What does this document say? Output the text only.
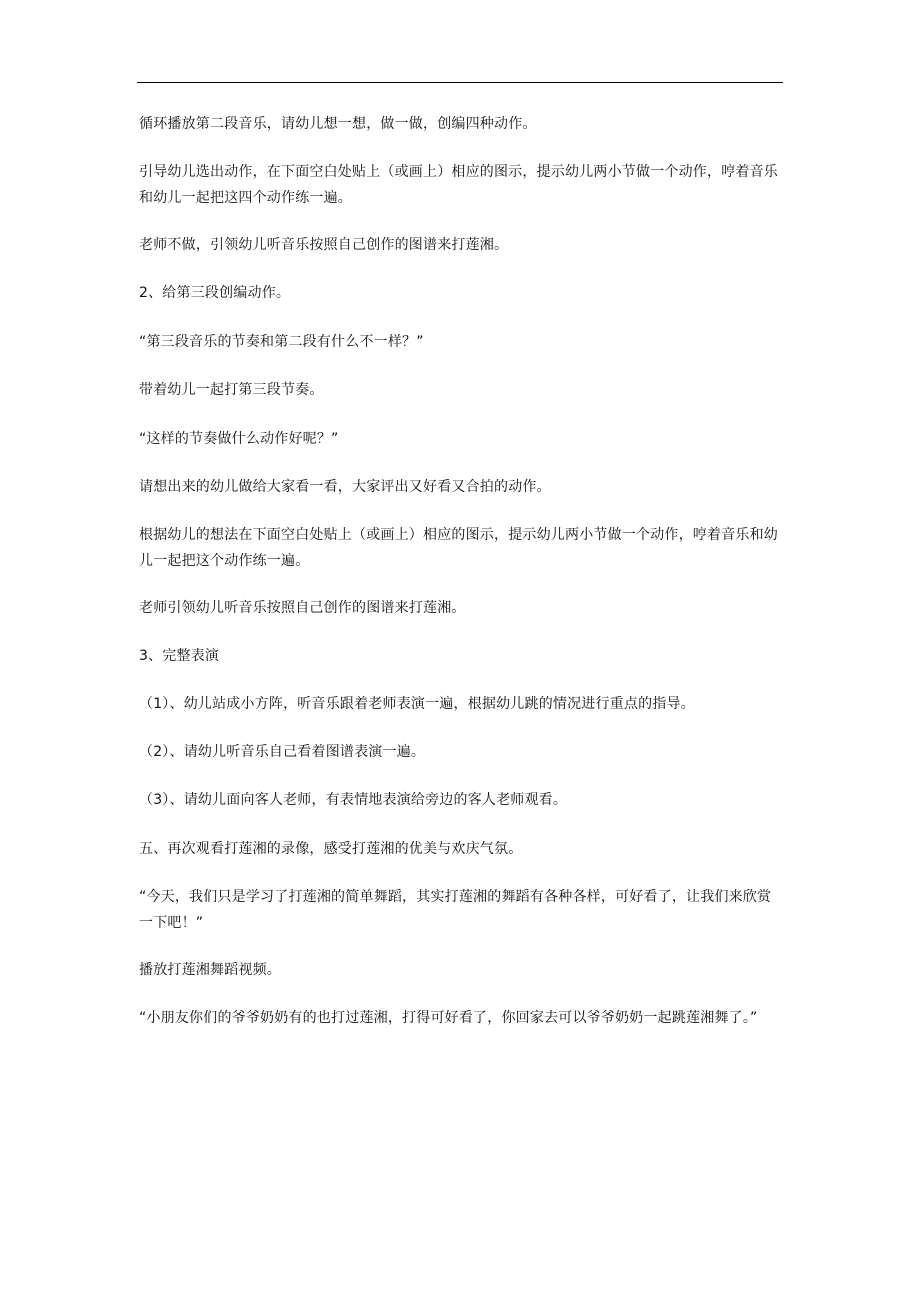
循环播放第二段音乐，请幼儿想一想，做一做，创编四种动作。

引导幼儿选出动作，在下面空白处贴上（或画上）相应的图示，提示幼儿两小节做一个动作，哼着音乐和幼儿一起把这四个动作练一遍。

老师不做，引领幼儿听音乐按照自己创作的图谱来打莲湘。

2、给第三段创编动作。

“第三段音乐的节奏和第二段有什么不一样？”

带着幼儿一起打第三段节奏。

“这样的节奏做什么动作好呢？”

请想出来的幼儿做给大家看一看，大家评出又好看又合拍的动作。

根据幼儿的想法在下面空白处贴上（或画上）相应的图示，提示幼儿两小节做一个动作，哼着音乐和幼儿一起把这个动作练一遍。

老师引领幼儿听音乐按照自己创作的图谱来打莲湘。

3、完整表演

（1）、幼儿站成小方阵，听音乐跟着老师表演一遍，根据幼儿跳的情况进行重点的指导。

（2）、请幼儿听音乐自己看着图谱表演一遍。

（3）、请幼儿面向客人老师，有表情地表演给旁边的客人老师观看。

五、再次观看打莲湘的录像，感受打莲湘的优美与欢庆气氛。

“今天，我们只是学习了打莲湘的简单舞蹈，其实打莲湘的舞蹈有各种各样，可好看了，让我们来欣赏一下吧！”

播放打莲湘舞蹈视频。

“小朋友你们的爷爷奶奶有的也打过莲湘，打得可好看了，你回家去可以爷爷奶奶一起跳莲湘舞了。”
